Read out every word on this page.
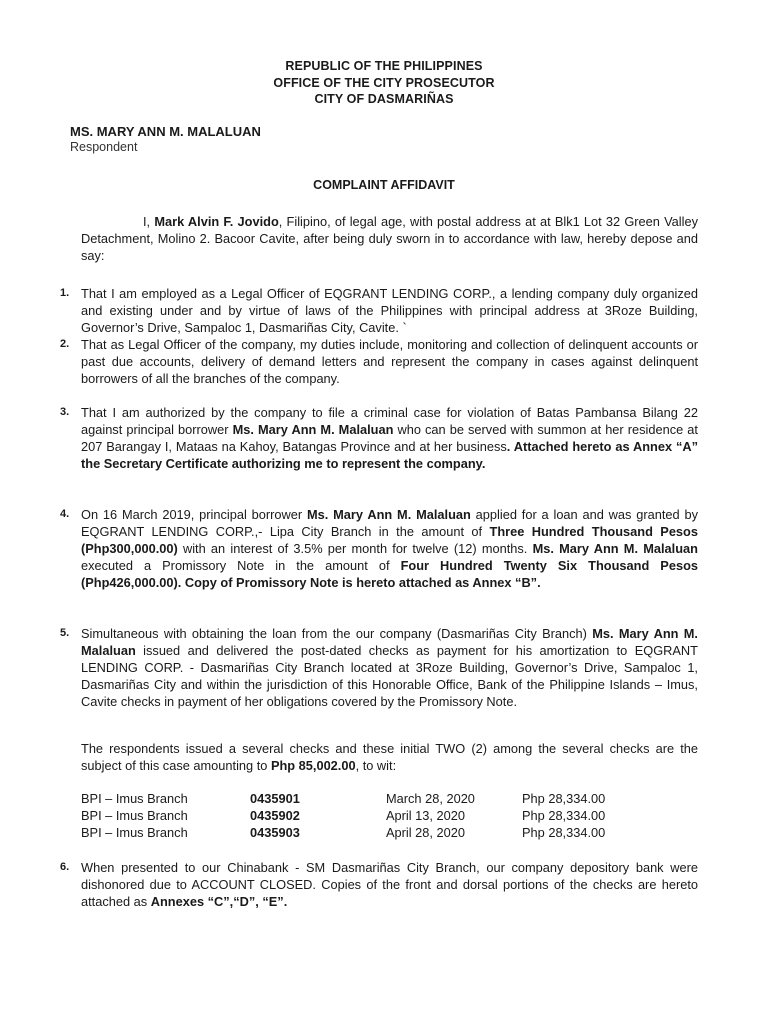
REPUBLIC OF THE PHILIPPINES
OFFICE OF THE CITY PROSECUTOR
CITY OF DASMARIÑAS
MS. MARY ANN M. MALALUAN
Respondent
COMPLAINT AFFIDAVIT

I, Mark Alvin F. Jovido, Filipino, of legal age, with postal address at at Blk1 Lot 32 Green Valley Detachment, Molino 2. Bacoor Cavite, after being duly sworn in to accordance with law, hereby depose and say:

1. That I am employed as a Legal Officer of EQGRANT LENDING CORP., a lending company duly organized and existing under and by virtue of laws of the Philippines with principal address at 3Roze Building, Governor’s Drive, Sampaloc 1, Dasmariñas City, Cavite. `

2. That as Legal Officer of the company, my duties include, monitoring and collection of delinquent accounts or past due accounts, delivery of demand letters and represent the company in cases against delinquent borrowers of all the branches of the company.

3. That I am authorized by the company to file a criminal case for violation of Batas Pambansa Bilang 22 against principal borrower Ms. Mary Ann M. Malaluan who can be served with summon at her residence at 207 Barangay I, Mataas na Kahoy, Batangas Province and at her business. Attached hereto as Annex “A” the Secretary Certificate authorizing me to represent the company.

4. On 16 March 2019, principal borrower Ms. Mary Ann M. Malaluan applied for a loan and was granted by EQGRANT LENDING CORP.,- Lipa City Branch in the amount of Three Hundred Thousand Pesos (Php300,000.00) with an interest of 3.5% per month for twelve (12) months. Ms. Mary Ann M. Malaluan executed a Promissory Note in the amount of Four Hundred Twenty Six Thousand Pesos (Php426,000.00). Copy of Promissory Note is hereto attached as Annex “B”.

5. Simultaneous with obtaining the loan from the our company (Dasmariñas City Branch) Ms. Mary Ann M. Malaluan issued and delivered the post-dated checks as payment for his amortization to EQGRANT LENDING CORP. - Dasmariñas City Branch located at 3Roze Building, Governor’s Drive, Sampaloc 1, Dasmariñas City and within the jurisdiction of this Honorable Office, Bank of the Philippine Islands – Imus, Cavite checks in payment of her obligations covered by the Promissory Note.

The respondents issued a several checks and these initial TWO (2) among the several checks are the subject of this case amounting to Php 85,002.00, to wit:

BPI – Imus Branch	0435901	March 28, 2020	Php 28,334.00
BPI – Imus Branch	0435902	April 13, 2020	Php 28,334.00
BPI – Imus Branch	0435903	April 28, 2020	Php 28,334.00
6. When presented to our Chinabank - SM Dasmariñas City Branch, our company depository bank were dishonored due to ACCOUNT CLOSED. Copies of the front and dorsal portions of the checks are hereto attached as Annexes “C”,“D”, “E”.
